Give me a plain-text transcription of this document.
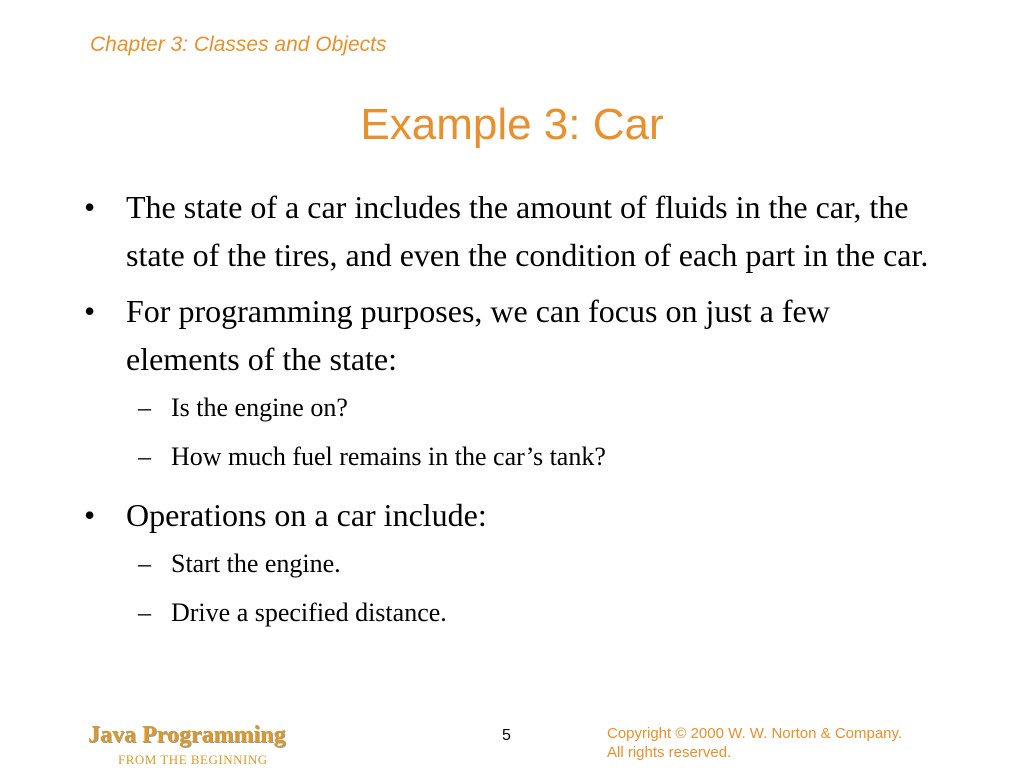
Chapter 3: Classes and Objects
Example 3: Car
• The state of a car includes the amount of fluids in the car, the state of the tires, and even the condition of each part in the car.
• For programming purposes, we can focus on just a few elements of the state:
– Is the engine on?
– How much fuel remains in the car’s tank?
• Operations on a car include:
– Start the engine.
– Drive a specified distance.
Java Programming
FROM THE BEGINNING
5	Copyright © 2000 W. W. Norton & Company.
All rights reserved.
